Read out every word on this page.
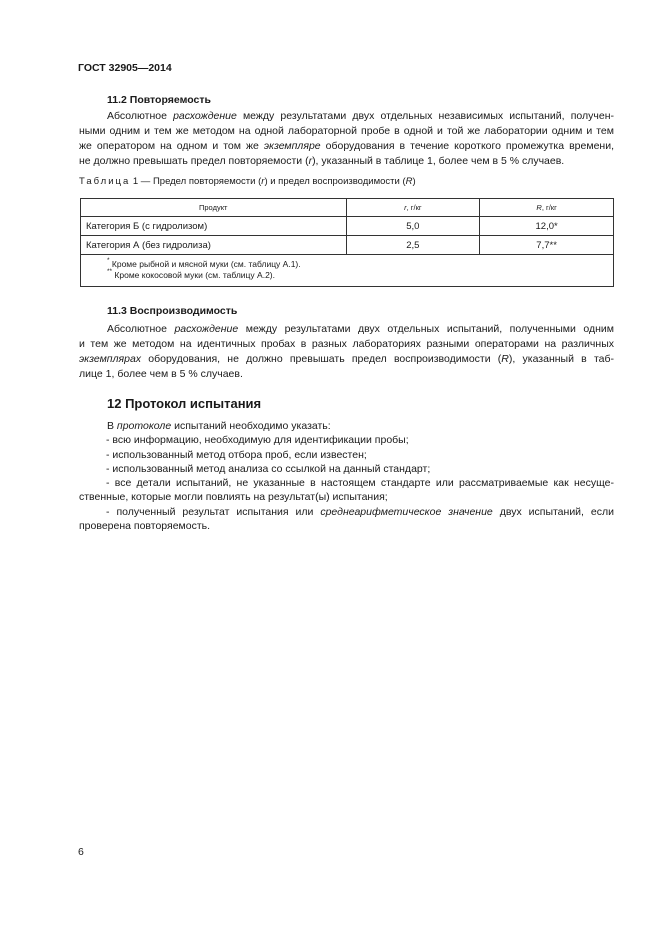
ГОСТ 32905—2014
11.2 Повторяемость
Абсолютное расхождение между результатами двух отдельных независимых испытаний, получен-
ными одним и тем же методом на одной лабораторной пробе в одной и той же лаборатории одним и тем
же оператором на одном и том же экземпляре оборудования в течение короткого промежутка времени,
не должно превышать предел повторяемости (r), указанный в таблице 1, более чем в 5 % случаев.
Таблица 1 — Предел повторяемости (r) и предел воспроизводимости (R)
Продукт	r, г/кг	R, г/кг
Категория Б (с гидролизом)	5,0	12,0*
Категория А (без гидролиза)	2,5	7,7**

* Кроме рыбной и мясной муки (см. таблицу А.1).
** Кроме кокосовой муки (см. таблицу А.2).		
11.3 Воспроизводимость
Абсолютное расхождение между результатами двух отдельных испытаний, полученными одним
и тем же методом на идентичных пробах в разных лабораториях разными операторами на различных
экземплярах оборудования, не должно превышать предел воспроизводимости (R), указанный в таб-
лице 1, более чем в 5 % случаев.
12 Протокол испытания
В протоколе испытаний необходимо указать:
- всю информацию, необходимую для идентификации пробы;
- использованный метод отбора проб, если известен;
- использованный метод анализа со ссылкой на данный стандарт;
- все детали испытаний, не указанные в настоящем стандарте или рассматриваемые как несуще-
ственные, которые могли повлиять на результат(ы) испытания;
- полученный результат испытания или среднеарифметическое значение двух испытаний, если
проверена повторяемость.
6
